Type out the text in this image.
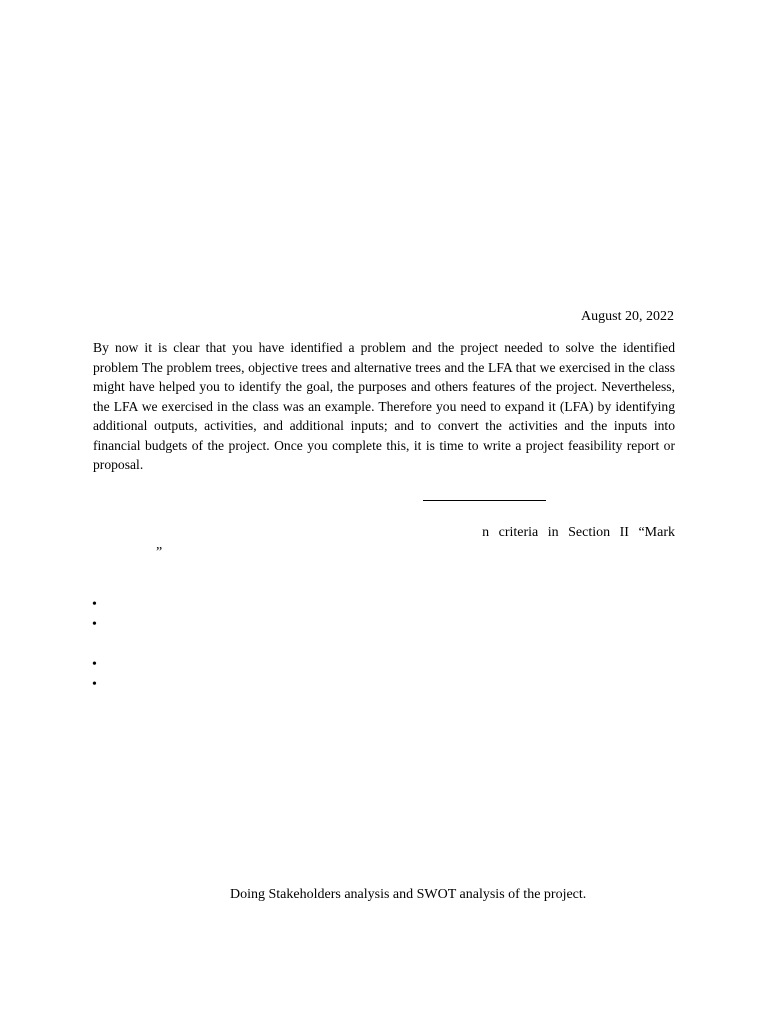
August 20, 2022

By now it is clear that you have identified a problem and the project needed to solve the identified problem The problem trees, objective trees and alternative trees and the LFA that we exercised in the class might have helped you to identify the goal, the purposes and others features of the project. Nevertheless, the LFA we exercised in the class was an example. Therefore you need to expand it (LFA) by identifying additional outputs, activities, and additional inputs; and to convert the activities and the inputs into financial budgets of the project. Once you complete this, it is time to write a project feasibility report or proposal.

n criteria in Section II “Mark
”
•
•
•
•
Doing Stakeholders analysis and SWOT analysis of the project.
